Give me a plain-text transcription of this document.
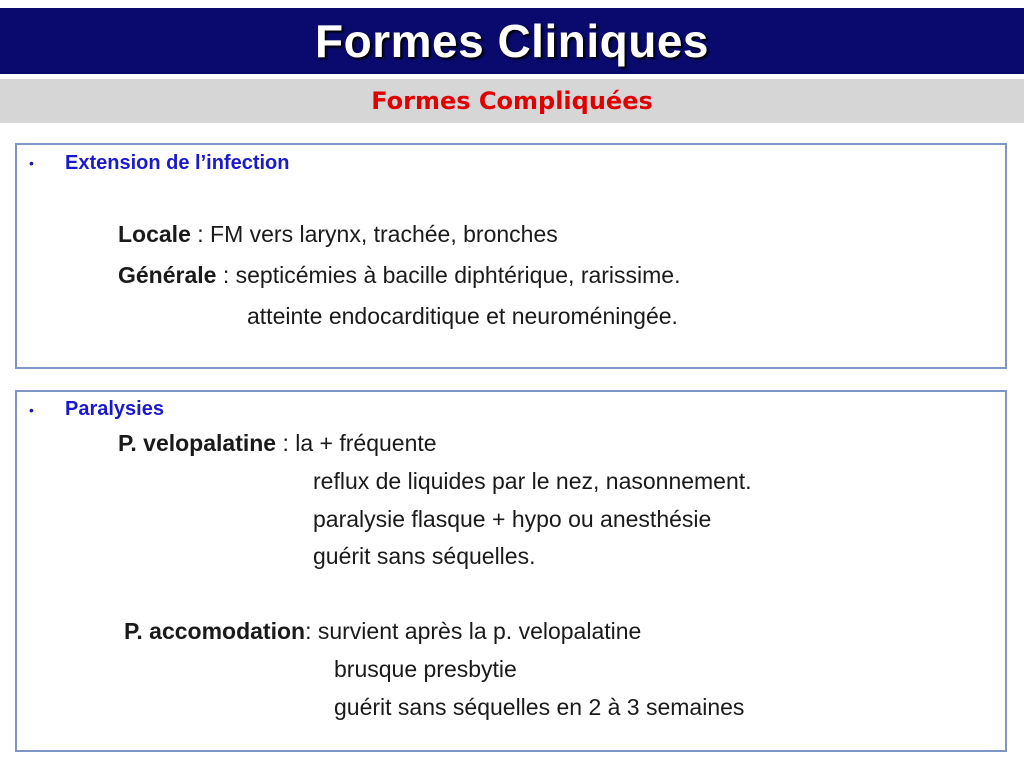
Formes Cliniques
Formes Compliquées
• Extension de l’infection
Locale : FM vers larynx, trachée, bronches
Générale : septicémies à bacille diphtérique, rarissime.
atteinte endocarditique et neuroméningée.
• Paralysies
P. velopalatine : la + fréquente
reflux de liquides par le nez, nasonnement.
paralysie flasque + hypo ou anesthésie
guérit sans séquelles.
P. accomodation: survient après la p. velopalatine
brusque presbytie
guérit sans séquelles en 2 à 3 semaines
